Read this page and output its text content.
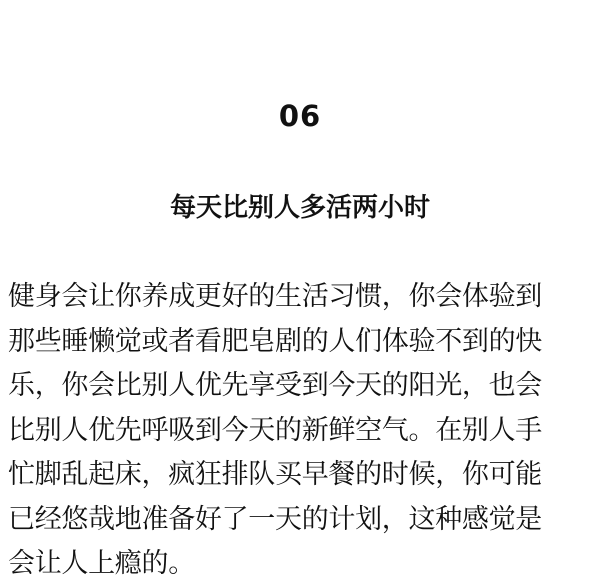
06
每天比别人多活两小时
健身会让你养成更好的生活习惯，你会体验到
那些睡懒觉或者看肥皂剧的人们体验不到的快
乐，你会比别人优先享受到今天的阳光，也会
比别人优先呼吸到今天的新鲜空气。在别人手
忙脚乱起床，疯狂排队买早餐的时候，你可能
已经悠哉地准备好了一天的计划，这种感觉是
会让人上瘾的。
